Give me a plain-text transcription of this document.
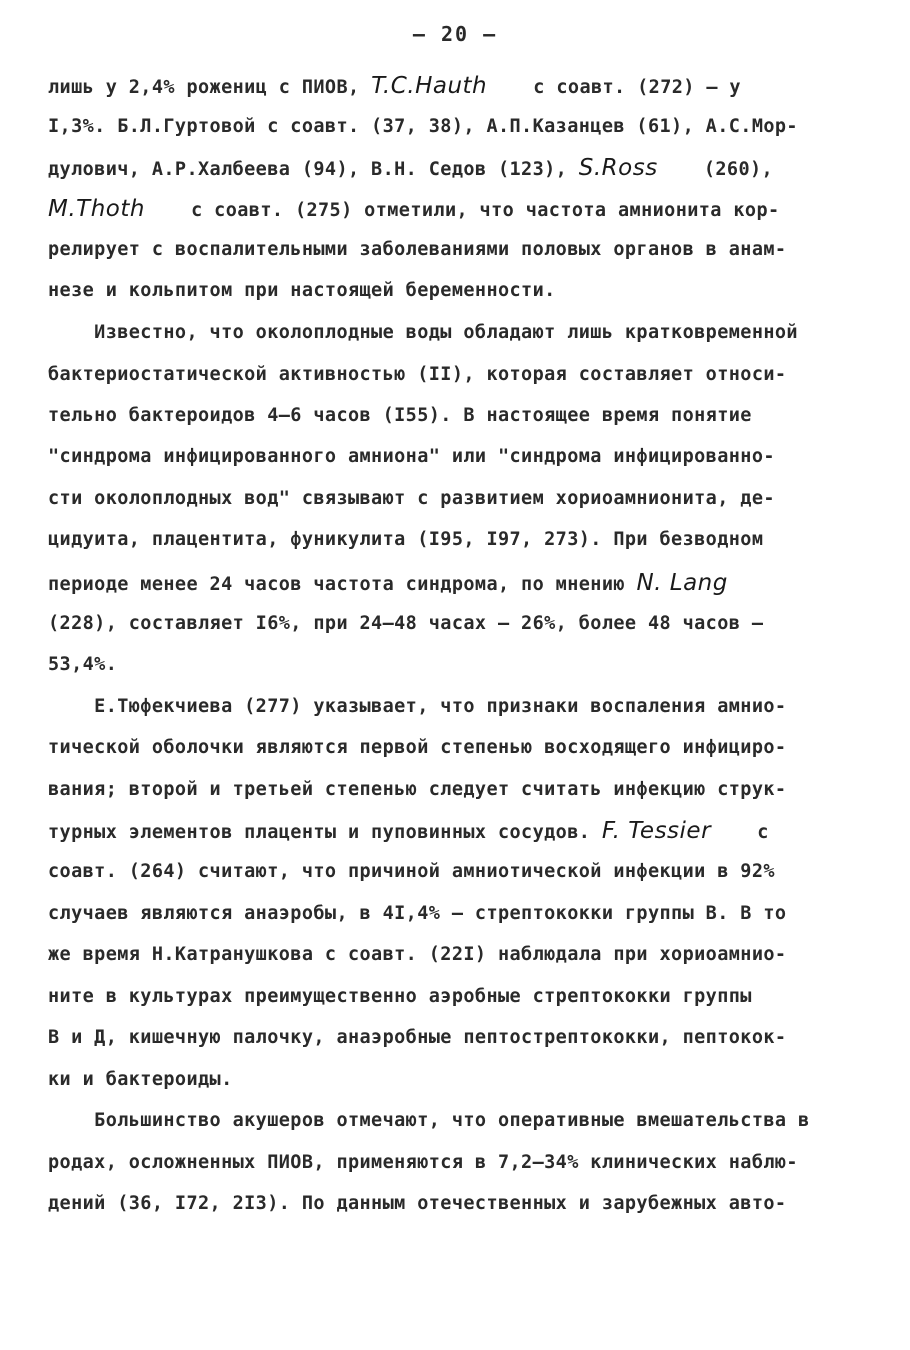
– 20 –
лишь у 2,4% рожениц с ПИОВ, T.C.Hauth    с соавт. (272) – у
I,3%. Б.Л.Гуртовой с соавт. (37, 38), А.П.Казанцев (61), А.С.Мор-
дулович, А.Р.Халбеева (94), В.Н. Седов (123), S.Ross    (260),
M.Thoth    с соавт. (275) отметили, что частота амнионита кор-
релирует с воспалительными заболеваниями половых органов в анам-
незе и кольпитом при настоящей беременности.
Известно, что околоплодные воды обладают лишь кратковременной
бактериостатической активностью (II), которая составляет относи-
тельно бактероидов 4–6 часов (I55). В настоящее время понятие
"синдрома инфицированного амниона" или "синдрома инфицированно-
сти околоплодных вод" связывают с развитием хориоамнионита, де-
цидуита, плацентита, фуникулита (I95, I97, 273). При безводном
периоде менее 24 часов частота синдрома, по мнению N. Lang
(228), составляет I6%, при 24–48 часах – 26%, более 48 часов –
53,4%.
Е.Тюфекчиева (277) указывает, что признаки воспаления амнио-
тической оболочки являются первой степенью восходящего инфициро-
вания; второй и третьей степенью следует считать инфекцию струк-
турных элементов плаценты и пуповинных сосудов. F. Tessier    с
соавт. (264) считают, что причиной амниотической инфекции в 92%
случаев являются анаэробы, в 4I,4% – стрептококки группы В. В то
же время Н.Катранушкова с соавт. (22I) наблюдала при хориоамнио-
ните в культурах преимущественно аэробные стрептококки группы
В и Д, кишечную палочку, анаэробные пептострептококки, пептокок-
ки и бактероиды.
Большинство акушеров отмечают, что оперативные вмешательства в
родах, осложненных ПИОВ, применяются в 7,2–34% клинических наблю-
дений (36, I72, 2I3). По данным отечественных и зарубежных авто-
